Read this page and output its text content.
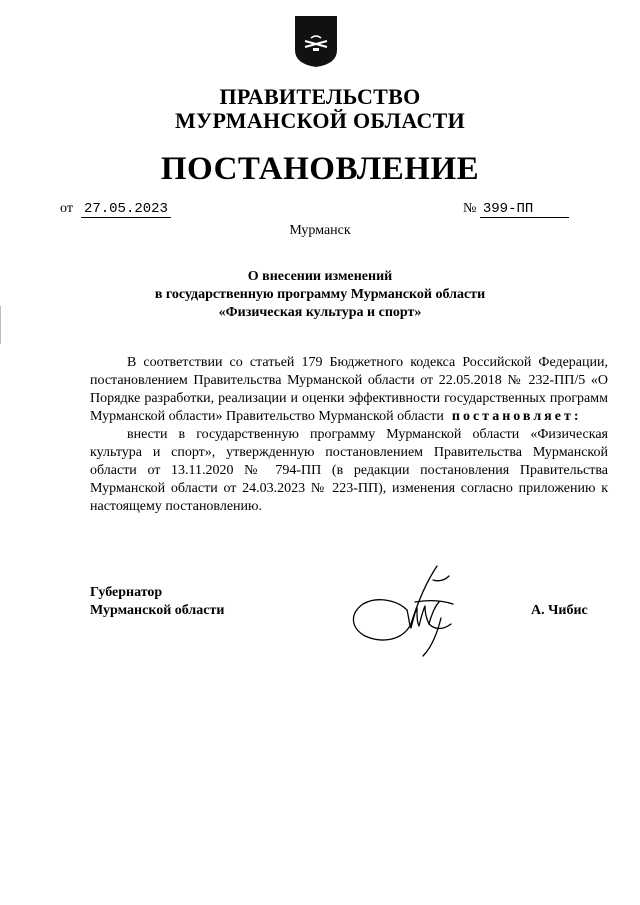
ПРАВИТЕЛЬСТВО
МУРМАНСКОЙ ОБЛАСТИ
ПОСТАНОВЛЕНИЕ
от 27.05.2023	№ 399-ПП
Мурманск
О внесении изменений
в государственную программу Мурманской области
«Физическая культура и спорт»

В соответствии со статьей 179 Бюджетного кодекса Российской Федерации, постановлением Правительства Мурманской области от 22.05.2018 № 232-ПП/5 «О Порядке разработки, реализации и оценки эффективности государственных программ Мурманской области» Правительство Мурманской области постановляет:

внести в государственную программу Мурманской области «Физическая культура и спорт», утвержденную постановлением Правительства Мурманской области от 13.11.2020 № 794-ПП (в редакции постановления Правительства Мурманской области от 24.03.2023 № 223-ПП), изменения согласно приложению к настоящему постановлению.

Губернатор
Мурманской области	А. Чибис
